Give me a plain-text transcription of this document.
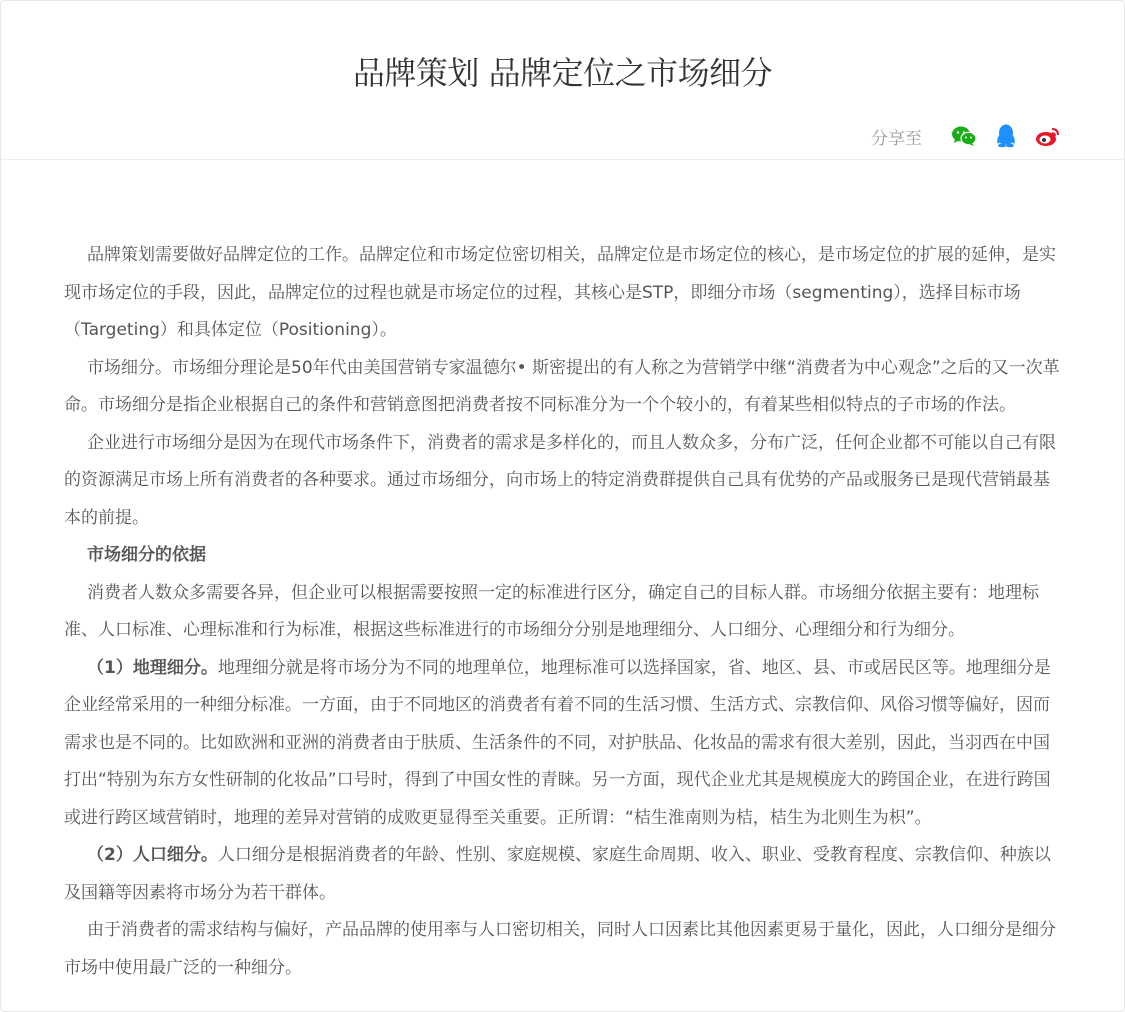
品牌策划 品牌定位之市场细分
分享至

品牌策划需要做好品牌定位的工作。品牌定位和市场定位密切相关，品牌定位是市场定位的核心，是市场定位的扩展的延伸，是实现市场定位的手段，因此，品牌定位的过程也就是市场定位的过程，其核心是STP，即细分市场（segmenting），选择目标市场　（Targeting）和具体定位（Positioning）。

市场细分。市场细分理论是50年代由美国营销专家温德尔• 斯密提出的有人称之为营销学中继“消费者为中心观念”之后的又一次革命。市场细分是指企业根据自己的条件和营销意图把消费者按不同标准分为一个个较小的，有着某些相似特点的子市场的作法。

企业进行市场细分是因为在现代市场条件下，消费者的需求是多样化的，而且人数众多，分布广泛，任何企业都不可能以自己有限的资源满足市场上所有消费者的各种要求。通过市场细分，向市场上的特定消费群提供自己具有优势的产品或服务已是现代营销最基本的前提。

市场细分的依据

消费者人数众多需要各异，但企业可以根据需要按照一定的标准进行区分，确定自己的目标人群。市场细分依据主要有：地理标准、人口标准、心理标准和行为标准，根据这些标准进行的市场细分分别是地理细分、人口细分、心理细分和行为细分。

（1）地理细分。地理细分就是将市场分为不同的地理单位，地理标准可以选择国家，省、地区、县、市或居民区等。地理细分是企业经常采用的一种细分标准。一方面，由于不同地区的消费者有着不同的生活习惯、生活方式、宗教信仰、风俗习惯等偏好，因而需求也是不同的。比如欧洲和亚洲的消费者由于肤质、生活条件的不同，对护肤品、化妆品的需求有很大差别，因此，当羽西在中国打出“特别为东方女性研制的化妆品”口号时，得到了中国女性的青睐。另一方面，现代企业尤其是规模庞大的跨国企业，在进行跨国或进行跨区域营销时，地理的差异对营销的成败更显得至关重要。正所谓：“桔生淮南则为桔，桔生为北则生为枳”。

（2）人口细分。人口细分是根据消费者的年龄、性别、家庭规模、家庭生命周期、收入、职业、受教育程度、宗教信仰、种族以及国籍等因素将市场分为若干群体。

由于消费者的需求结构与偏好，产品品牌的使用率与人口密切相关，同时人口因素比其他因素更易于量化，因此，人口细分是细分市场中使用最广泛的一种细分。
